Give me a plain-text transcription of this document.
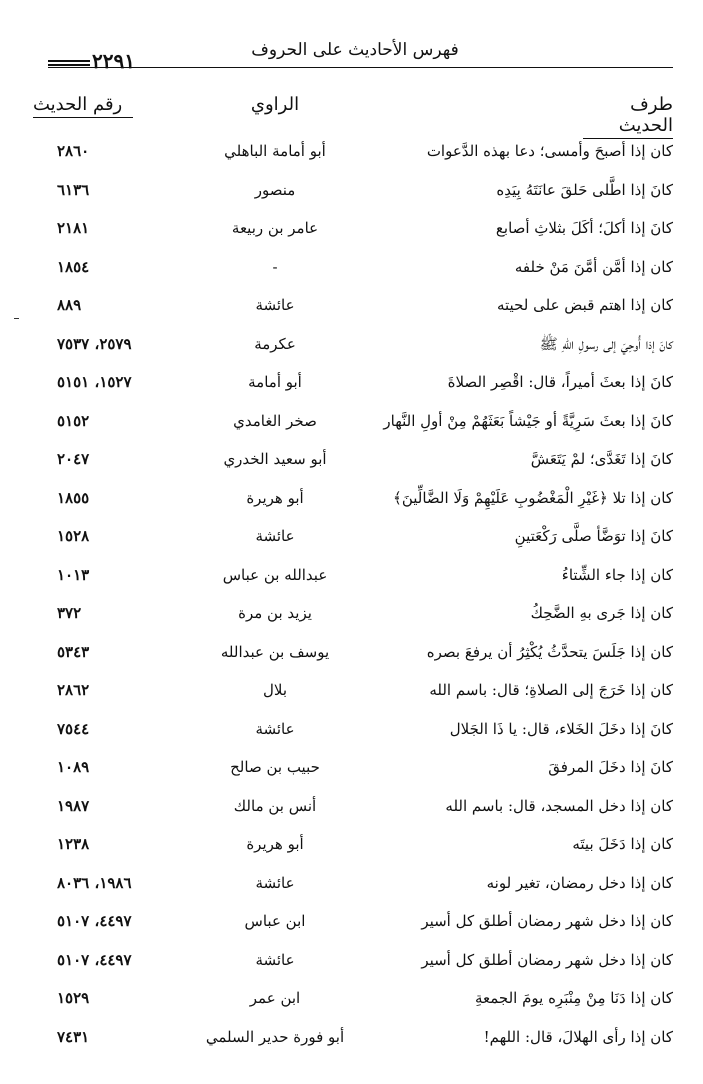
فهرس الأحاديث على الحروف
٢٢٩١
طرف الحديث
الراوي
رقم الحديث
كان إذا أصبحَ وأمسى؛ دعا بهذه الدَّعوات
أبو أمامة الباهلي
٢٨٦٠
كانَ إذا اطَّلى حَلقَ عانَتَهُ بِيَدِه
منصور
٦١٣٦
كانَ إذا أكلَ؛ أكَلَ بثلاثِ أصابع
عامر بن ربيعة
٢١٨١
كان إذا أمَّن أمَّنَ مَنْ خلفه
-
١٨٥٤
كان إذا اهتم قبض على لحيته
عائشة
٨٨٩
كانَ إذا أُوحِيَ إلى رسولِ اللهِ ﷺ
عكرمة
٢٥٧٩، ٧٥٣٧
كانَ إذا بعثَ أميراً، قال: اقْصِر الصلاةَ
أبو أمامة
١٥٢٧، ٥١٥١
كانَ إذا بعثَ سَرِيَّةً أو جَيْشاً بَعَثَهُمْ مِنْ أولِ النَّهار
صخر الغامدي
٥١٥٢
كانَ إذا تَغَدَّى؛ لمْ يَتَعَشَّ
أبو سعيد الخدري
٢٠٤٧
كان إذا تلا ﴿غَيْرِ الْمَغْضُوبِ عَلَيْهِمْ وَلَا الضَّالِّينَ﴾
أبو هريرة
١٨٥٥
كانَ إذا توَضَّأ صلَّى رَكْعَتينِ
عائشة
١٥٢٨
كان إذا جاء الشِّتاءُ
عبدالله بن عباس
١٠١٣
كان إذا جَرى بهِ الضَّحِكُ
يزيد بن مرة
٣٧٢
كان إذا جَلَسَ يتحدَّثُ يُكْثِرُ أن يرفعَ بصره
يوسف بن عبدالله
٥٣٤٣
كان إذا خَرَجَ إلى الصلاةِ؛ قال: باسم الله
بلال
٢٨٦٢
كانَ إذا دخَلَ الخَلاء، قال: يا ذَا الجَلال
عائشة
٧٥٤٤
كانَ إذا دخَلَ المرفقَ
حبيب بن صالح
١٠٨٩
كان إذا دخل المسجد، قال: باسم الله
أنس بن مالك
١٩٨٧
كان إذا دَخَلَ بيتَه
أبو هريرة
١٢٣٨
كان إذا دخل رمضان، تغير لونه
عائشة
١٩٨٦، ٨٠٣٦
كان إذا دخل شهر رمضان أطلق كل أسير
ابن عباس
٤٤٩٧، ٥١٠٧
كان إذا دخل شهر رمضان أطلق كل أسير
عائشة
٤٤٩٧، ٥١٠٧
كان إذا دَنَا مِنْ مِنْبَرِه يومَ الجمعةِ
ابن عمر
١٥٢٩
كان إذا رأى الهلالَ، قال: اللهم!
أبو فورة حدير السلمي
٧٤٣١
